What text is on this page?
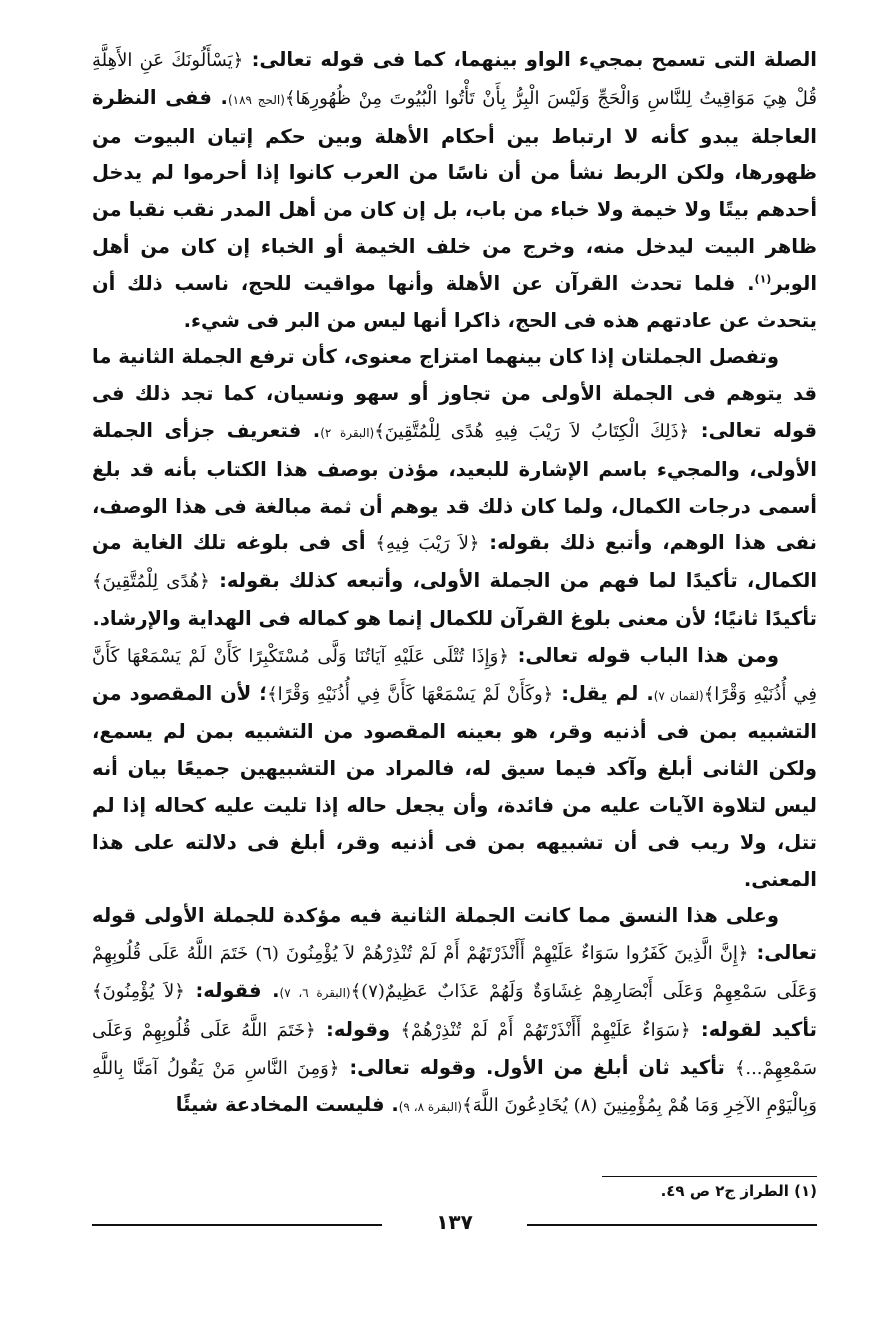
الصلة التى تسمح بمجيء الواو بينهما، كما فى قوله تعالى: ﴿يَسْأَلُونَكَ عَنِ الأَهِلَّةِ قُلْ هِيَ مَوَاقِيتُ لِلنَّاسِ وَالْحَجِّ وَلَيْسَ الْبِرُّ بِأَنْ تَأْتُوا الْبُيُوتَ مِنْ ظُهُورِهَا﴾(الحج ١٨٩). ففى النظرة العاجلة يبدو كأنه لا ارتباط بين أحكام الأهلة وبين حكم إتيان البيوت من ظهورها، ولكن الربط نشأ من أن ناسًا من العرب كانوا إذا أحرموا لم يدخل أحدهم بيتًا ولا خيمة ولا خباء من باب، بل إن كان من أهل المدر نقب نقبا من ظاهر البيت ليدخل منه، وخرج من خلف الخيمة أو الخباء إن كان من أهل الوبر$^{(١)}$. فلما تحدث القرآن عن الأهلة وأنها مواقيت للحج، ناسب ذلك أن يتحدث عن عادتهم هذه فى الحج، ذاكرا أنها ليس من البر فى شيء.

وتفصل الجملتان إذا كان بينهما امتزاج معنوى، كأن ترفع الجملة الثانية ما قد يتوهم فى الجملة الأولى من تجاوز أو سهو ونسيان، كما تجد ذلك فى قوله تعالى: ﴿ذَلِكَ الْكِتَابُ لاَ رَيْبَ فِيهِ هُدًى لِلْمُتَّقِينَ﴾(البقرة ٢). فتعريف جزأى الجملة الأولى، والمجيء باسم الإشارة للبعيد، مؤذن بوصف هذا الكتاب بأنه قد بلغ أسمى درجات الكمال، ولما كان ذلك قد يوهم أن ثمة مبالغة فى هذا الوصف، نفى هذا الوهم، وأتبع ذلك بقوله: ﴿لاَ رَيْبَ فِيهِ﴾ أى فى بلوغه تلك الغاية من الكمال، تأكيدًا لما فهم من الجملة الأولى، وأتبعه كذلك بقوله: ﴿هُدًى لِلْمُتَّقِينَ﴾ تأكيدًا ثانيًا؛ لأن معنى بلوغ القرآن للكمال إنما هو كماله فى الهداية والإرشاد.

ومن هذا الباب قوله تعالى: ﴿وَإِذَا تُتْلَى عَلَيْهِ آيَاتُنَا وَلَّى مُسْتَكْبِرًا كَأَنْ لَمْ يَسْمَعْهَا كَأَنَّ فِي أُذُنَيْهِ وَقْرًا﴾(لقمان ٧). لم يقل: ﴿وكَأَنْ لَمْ يَسْمَعْهَا كَأَنَّ فِي أُذُنَيْهِ وَقْرًا﴾؛ لأن المقصود من التشبيه بمن فى أذنيه وقر، هو بعينه المقصود من التشبيه بمن لم يسمع، ولكن الثانى أبلغ وآكد فيما سيق له، فالمراد من التشبيهين جميعًا بيان أنه ليس لتلاوة الآيات عليه من فائدة، وأن يجعل حاله إذا تليت عليه كحاله إذا لم تتل، ولا ريب فى أن تشبيهه بمن فى أذنيه وقر، أبلغ فى دلالته على هذا المعنى.

وعلى هذا النسق مما كانت الجملة الثانية فيه مؤكدة للجملة الأولى قوله تعالى: ﴿إِنَّ الَّذِينَ كَفَرُوا سَوَاءٌ عَلَيْهِمْ أَأَنْذَرْتَهُمْ أَمْ لَمْ تُنْذِرْهُمْ لاَ يُؤْمِنُونَ (٦) خَتَمَ اللَّهُ عَلَى قُلُوبِهِمْ وَعَلَى سَمْعِهِمْ وَعَلَى أَبْصَارِهِمْ غِشَاوَةٌ وَلَهُمْ عَذَابٌ عَظِيمٌ(٧)﴾(البقرة ٦، ٧). فقوله: ﴿لاَ يُؤْمِنُونَ﴾ تأكيد لقوله: ﴿سَوَاءٌ عَلَيْهِمْ أَأَنْذَرْتَهُمْ أَمْ لَمْ تُنْذِرْهُمْ﴾ وقوله: ﴿خَتَمَ اللَّهُ عَلَى قُلُوبِهِمْ وَعَلَى سَمْعِهِمْ...﴾ تأكيد ثان أبلغ من الأول. وقوله تعالى: ﴿وَمِنَ النَّاسِ مَنْ يَقُولُ آمَنَّا بِاللَّهِ وَبِالْيَوْمِ الآخِرِ وَمَا هُمْ بِمُؤْمِنِينَ (٨) يُخَادِعُونَ اللَّهَ﴾(البقرة ٨، ٩). فليست المخادعة شيئًا

(١) الطراز ج٢ ص ٤٩.
١٣٧
